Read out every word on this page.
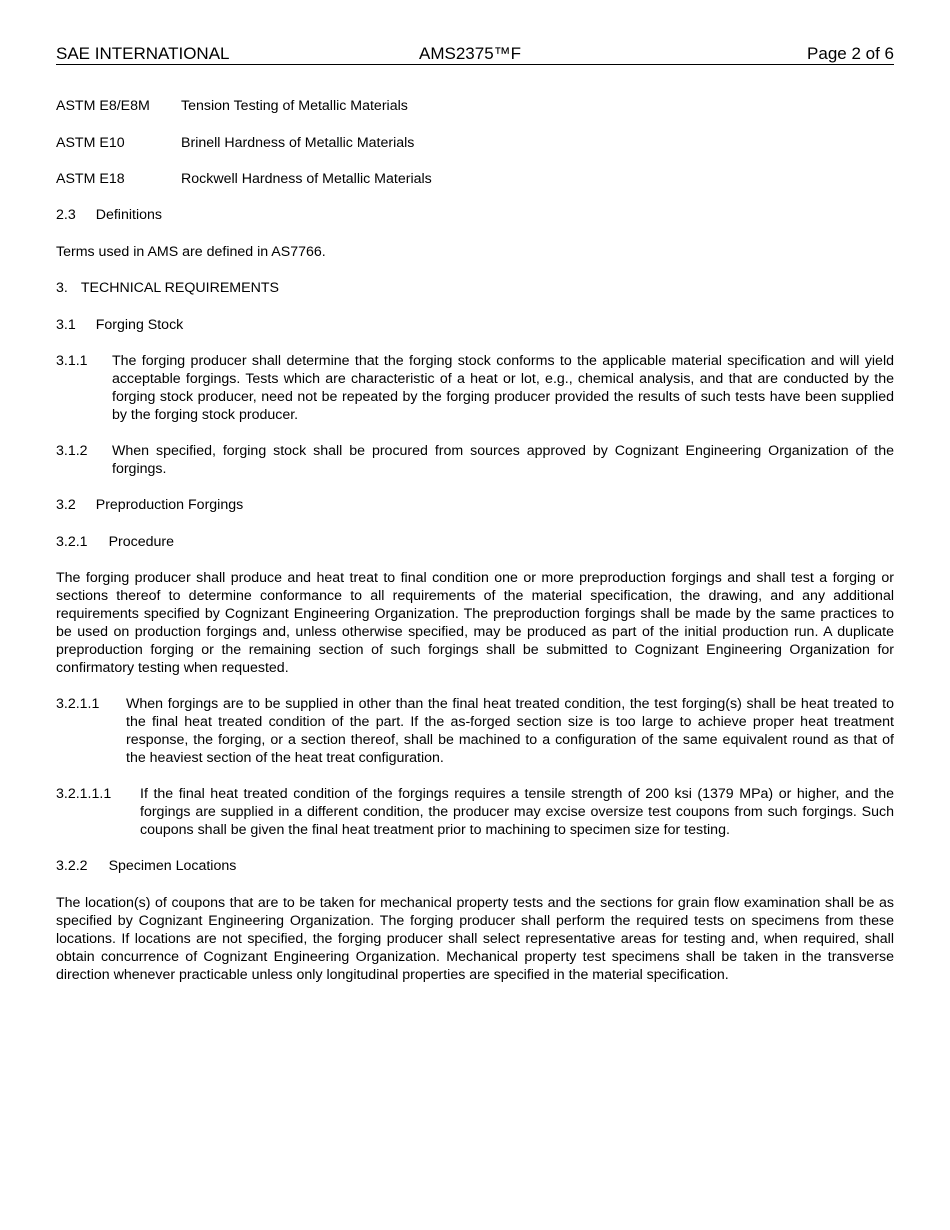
SAE INTERNATIONAL	AMS2375™F	Page 2 of 6
ASTM E8/E8M Tension Testing of Metallic Materials
ASTM E10	Brinell Hardness of Metallic Materials
ASTM E18	Rockwell Hardness of Metallic Materials
2.3 Definitions
Terms used in AMS are defined in AS7766.
3. TECHNICAL REQUIREMENTS
3.1 Forging Stock
3.1.1 The forging producer shall determine that the forging stock conforms to the applicable material specification and will yield acceptable forgings. Tests which are characteristic of a heat or lot, e.g., chemical analysis, and that are conducted by the forging stock producer, need not be repeated by the forging producer provided the results of such tests have been supplied by the forging stock producer.
3.1.2 When specified, forging stock shall be procured from sources approved by Cognizant Engineering Organization of the forgings.
3.2 Preproduction Forgings
3.2.1 Procedure
The forging producer shall produce and heat treat to final condition one or more preproduction forgings and shall test a forging or sections thereof to determine conformance to all requirements of the material specification, the drawing, and any additional requirements specified by Cognizant Engineering Organization. The preproduction forgings shall be made by the same practices to be used on production forgings and, unless otherwise specified, may be produced as part of the initial production run. A duplicate preproduction forging or the remaining section of such forgings shall be submitted to Cognizant Engineering Organization for confirmatory testing when requested.
3.2.1.1 When forgings are to be supplied in other than the final heat treated condition, the test forging(s) shall be heat treated to the final heat treated condition of the part. If the as-forged section size is too large to achieve proper heat treatment response, the forging, or a section thereof, shall be machined to a configuration of the same equivalent round as that of the heaviest section of the heat treat configuration.
3.2.1.1.1 If the final heat treated condition of the forgings requires a tensile strength of 200 ksi (1379 MPa) or higher, and the forgings are supplied in a different condition, the producer may excise oversize test coupons from such forgings. Such coupons shall be given the final heat treatment prior to machining to specimen size for testing.
3.2.2 Specimen Locations
The location(s) of coupons that are to be taken for mechanical property tests and the sections for grain flow examination shall be as specified by Cognizant Engineering Organization. The forging producer shall perform the required tests on specimens from these locations. If locations are not specified, the forging producer shall select representative areas for testing and, when required, shall obtain concurrence of Cognizant Engineering Organization. Mechanical property test specimens shall be taken in the transverse direction whenever practicable unless only longitudinal properties are specified in the material specification.
